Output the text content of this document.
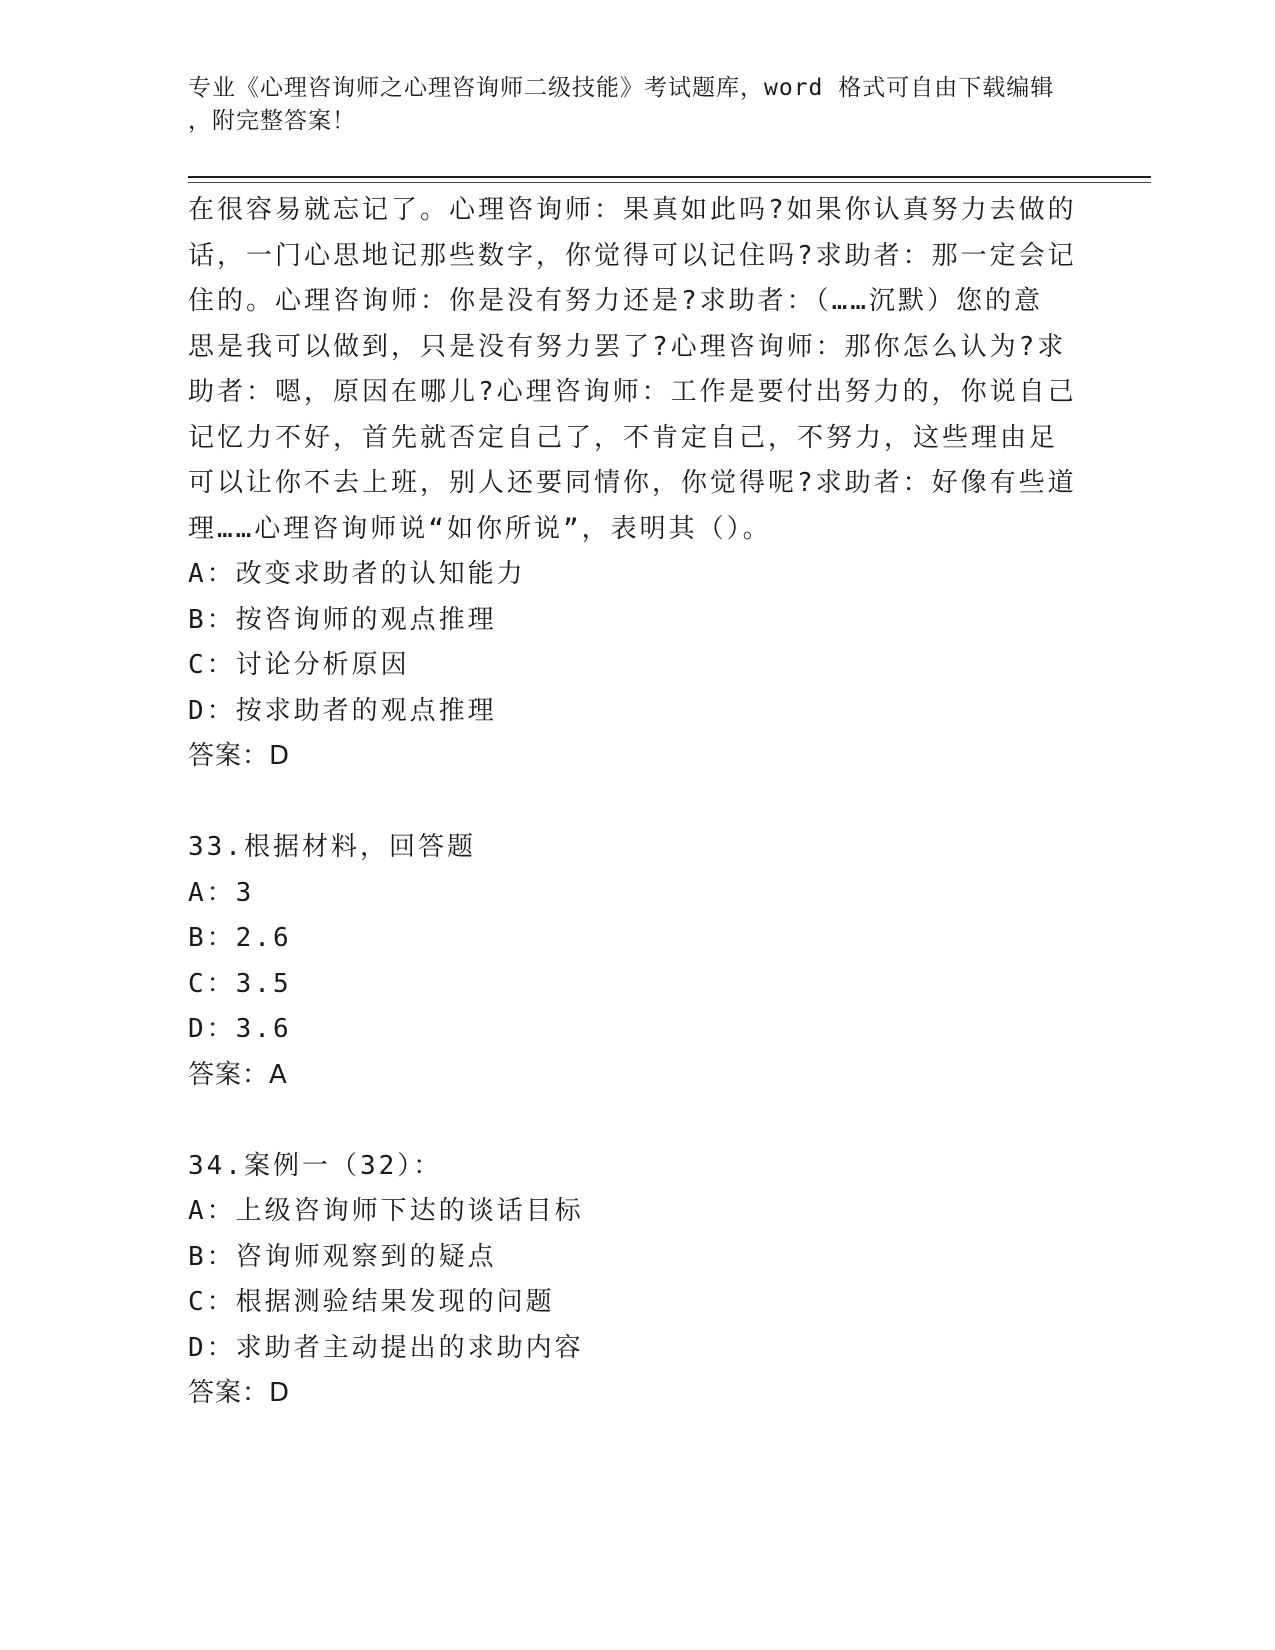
专业《心理咨询师之心理咨询师二级技能》考试题库，word 格式可自由下载编辑
，附完整答案！
在很容易就忘记了。心理咨询师：果真如此吗?如果你认真努力去做的
话，一门心思地记那些数字，你觉得可以记住吗?求助者：那一定会记
住的。心理咨询师：你是没有努力还是?求助者：（……沉默）您的意
思是我可以做到，只是没有努力罢了?心理咨询师：那你怎么认为?求
助者：嗯，原因在哪儿?心理咨询师：工作是要付出努力的，你说自己
记忆力不好，首先就否定自己了，不肯定自己，不努力，这些理由足
可以让你不去上班，别人还要同情你，你觉得呢?求助者：好像有些道
理……心理咨询师说“如你所说”，表明其（）。
A：改变求助者的认知能力
B：按咨询师的观点推理
C：讨论分析原因
D：按求助者的观点推理
答案：D
33.根据材料，回答题
A：3
B：2.6
C：3.5
D：3.6
答案：A
34.案例一（32）：
A：上级咨询师下达的谈话目标
B：咨询师观察到的疑点
C：根据测验结果发现的问题
D：求助者主动提出的求助内容
答案：D
